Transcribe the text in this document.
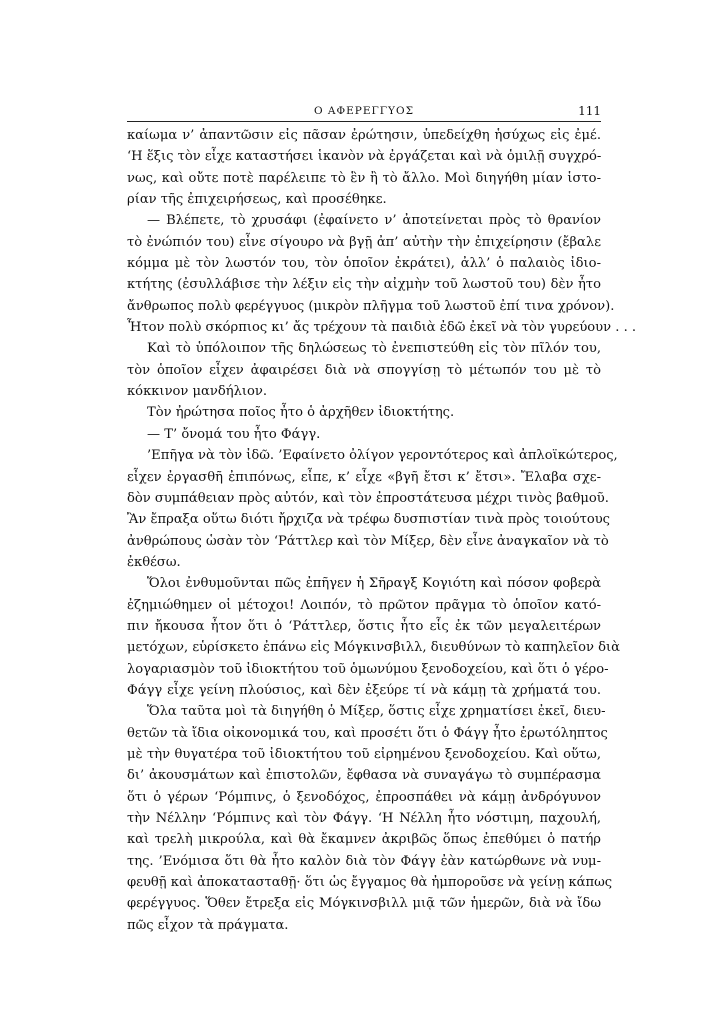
Ο ΑΦΕΡΕΓΓΥΟΣ	111
καίωμα ν’ ἀπαντῶσιν εἰς πᾶσαν ἐρώτησιν, ὑπεδείχθη ἡσύχως εἰς ἐμέ.
‘Η ἕξις τὸν εἶχε καταστήσει ἱκανὸν νὰ ἐργάζεται καὶ νὰ ὁμιλῇ συγχρό-
νως, καὶ οὔτε ποτὲ παρέλειπε τὸ ἓν ἢ τὸ ἄλλο. Μοὶ διηγήθη μίαν ἱστο-
ρίαν τῆς ἐπιχειρήσεως, καὶ προσέθηκε.
— Βλέπετε, τὸ χρυσάφι (ἐφαίνετο ν’ ἀποτείνεται πρὸς τὸ θρανίον
τὸ ἐνώπιόν του) εἶνε σίγουρο νὰ βγῇ ἀπ’ αὐτὴν τὴν ἐπιχείρησιν (ἔβαλε
κόμμα μὲ τὸν λωστόν του, τὸν ὁποῖον ἐκράτει), ἀλλ’ ὁ παλαιὸς ἰδιο-
κτήτης (ἐσυλλάβισε τὴν λέξιν εἰς τὴν αἰχμὴν τοῦ λωστοῦ του) δὲν ἦτο
ἄνθρωπος πολὺ φερέγγυος (μικρὸν πλῆγμα τοῦ λωστοῦ ἐπί τινα χρόνον).
Ἦτον πολὺ σκόρπιος κι’ ἄς τρέχουν τὰ παιδιὰ ἐδῶ ἐκεῖ νὰ τὸν γυρεύουν . . .
Καὶ τὸ ὑπόλοιπον τῆς δηλώσεως τὸ ἐνεπιστεύθη εἰς τὸν πῖλόν του,
τὸν ὁποῖον εἶχεν ἀφαιρέσει διὰ νὰ σπογγίσῃ τὸ μέτωπόν του μὲ τὸ
κόκκινον μανδήλιον.
Τὸν ἠρώτησα ποῖος ἦτο ὁ ἀρχῆθεν ἰδιοκτήτης.
— Τ’ ὄνομά του ἦτο Φάγγ.
’Επῆγα νὰ τὸν ἰδῶ. ’Εφαίνετο ὀλίγον γεροντότερος καὶ ἀπλοϊκώτερος,
εἶχεν ἐργασθῆ ἐπιπόνως, εἶπε, κ’ εἶχε «βγῆ ἔτσι κ’ ἔτσι». Ἔλαβα σχε-
δὸν συμπάθειαν πρὸς αὐτόν, καὶ τὸν ἐπροστάτευσα μέχρι τινὸς βαθμοῦ.
Ἂν ἔπραξα οὕτω διότι ἤρχιζα νὰ τρέφω δυσπιστίαν τινὰ πρὸς τοιούτους
ἀνθρώπους ὡσὰν τὸν ‘Ράττλερ καὶ τὸν Μίξερ, δὲν εἶνε ἀναγκαῖον νὰ τὸ
ἐκθέσω.
Ὅλοι ἐνθυμοῦνται πῶς ἐπῆγεν ἡ Σῆραγξ Κογιότη καὶ πόσον φοβερὰ
ἐζημιώθημεν οἱ μέτοχοι! Λοιπόν, τὸ πρῶτον πρᾶγμα τὸ ὁποῖον κατό-
πιν ἤκουσα ἦτον ὅτι ὁ ‘Ράττλερ, ὅστις ἦτο εἷς ἐκ τῶν μεγαλειτέρων
μετόχων, εὑρίσκετο ἐπάνω εἰς Μόγκινσβιλλ, διευθύνων τὸ καπηλεῖον διὰ
λογαριασμὸν τοῦ ἰδιοκτήτου τοῦ ὁμωνύμου ξενοδοχείου, καὶ ὅτι ὁ γέρο-
Φάγγ εἶχε γείνη πλούσιος, καὶ δὲν ἐξεύρε τί νὰ κάμῃ τὰ χρήματά του.
Ὅλα ταῦτα μοὶ τὰ διηγήθη ὁ Μίξερ, ὅστις εἶχε χρηματίσει ἐκεῖ, διευ-
θετῶν τὰ ἴδια οἰκονομικά του, καὶ προσέτι ὅτι ὁ Φάγγ ἦτο ἐρωτόληπτος
μὲ τὴν θυγατέρα τοῦ ἰδιοκτήτου τοῦ εἰρημένου ξενοδοχείου. Καὶ οὕτω,
δι’ ἀκουσμάτων καὶ ἐπιστολῶν, ἔφθασα νὰ συναγάγω τὸ συμπέρασμα
ὅτι ὁ γέρων ‘Ρόμπινς, ὁ ξενοδόχος, ἐπροσπάθει νὰ κάμῃ ἀνδρόγυνον
τὴν Νέλλην ‘Ρόμπινς καὶ τὸν Φάγγ. ‘Η Νέλλη ἦτο νόστιμη, παχουλή,
καὶ τρελὴ μικρούλα, καὶ θὰ ἔκαμνεν ἀκριβῶς ὅπως ἐπεθύμει ὁ πατήρ
της. ’Ενόμισα ὅτι θὰ ἦτο καλὸν διὰ τὸν Φάγγ ἐὰν κατώρθωνε νὰ νυμ-
φευθῇ καὶ ἀποκατασταθῇ· ὅτι ὡς ἔγγαμος θὰ ἠμποροῦσε νὰ γείνῃ κάπως
φερέγγυος. Ὅθεν ἔτρεξα εἰς Μόγκινσβιλλ μιᾷ τῶν ἡμερῶν, διὰ νὰ ἴδω
πῶς εἶχον τὰ πράγματα.
